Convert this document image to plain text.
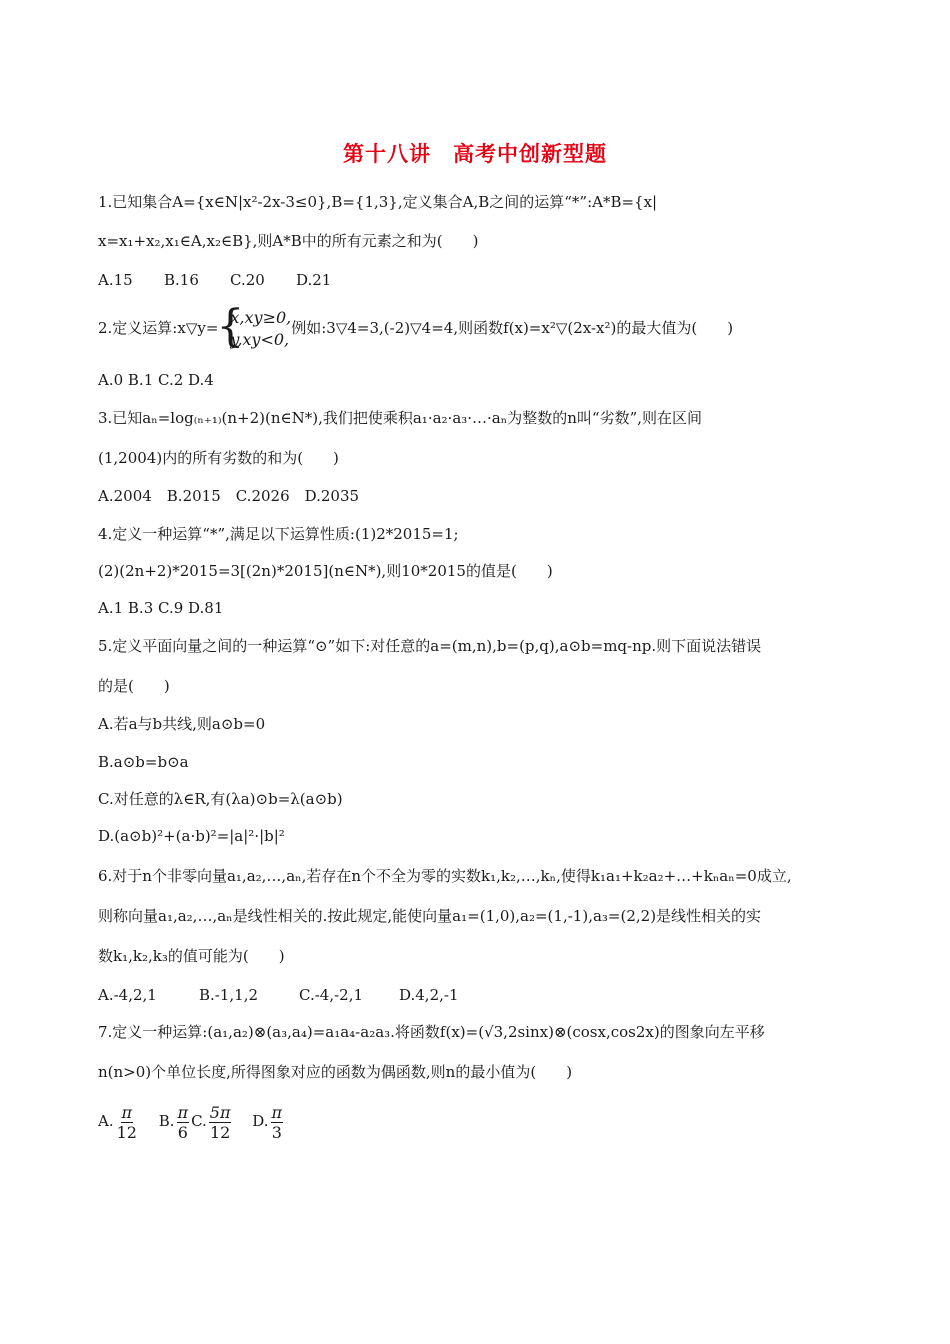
第十八讲　高考中创新型题
1.已知集合A={x∈N|x²-2x-3≤0},B={1,3},定义集合A,B之间的运算“*”:A*B={x|
x=x₁+x₂,x₁∈A,x₂∈B},则A*B中的所有元素之和为(　　)
A.15 B.16 C.20 D.21
2.定义运算:x▽y=
{ x,xy≥0,
y,xy<0,
例如:3▽4=3,(-2)▽4=4,则函数f(x)=x²▽(2x-x²)的最大值为(　　)
A.0 B.1 C.2 D.4
3.已知aₙ=log₍ₙ₊₁₎(n+2)(n∈N*),我们把使乘积a₁·a₂·a₃·…·aₙ为整数的n叫“劣数”,则在区间
(1,2004)内的所有劣数的和为(　　)
A.2004　B.2015　C.2026　D.2035
4.定义一种运算“*”,满足以下运算性质:(1)2*2015=1;
(2)(2n+2)*2015=3[(2n)*2015](n∈N*),则10*2015的值是(　　)
A.1 B.3 C.9 D.81
5.定义平面向量之间的一种运算“⊙”如下:对任意的a=(m,n),b=(p,q),a⊙b=mq-np.则下面说法错误
的是(　　)
A.若a与b共线,则a⊙b=0
B.a⊙b=b⊙a
C.对任意的λ∈R,有(λa)⊙b=λ(a⊙b)
D.(a⊙b)²+(a·b)²=|a|²·|b|²
6.对于n个非零向量a₁,a₂,…,aₙ,若存在n个不全为零的实数k₁,k₂,…,kₙ,使得k₁a₁+k₂a₂+…+kₙaₙ=0成立,
则称向量a₁,a₂,…,aₙ是线性相关的.按此规定,能使向量a₁=(1,0),a₂=(1,-1),a₃=(2,2)是线性相关的实
数k₁,k₂,k₃的值可能为(　　)
A.-4,2,1	B.-1,1,2	C.-4,-2,1 D.4,2,-1
7.定义一种运算:(a₁,a₂)⊗(a₃,a₄)=a₁a₄-a₂a₃.将函数f(x)=(√3,2sinx)⊗(cosx,cos2x)的图象向左平移
n(n>0)个单位长度,所得图象对应的函数为偶函数,则n的最小值为(　　)
A. $\frac{\pi}{12} B$. $\frac{\pi}{6} C$. $\frac{5\pi}{12} D$. $\frac{\pi}{3}$
